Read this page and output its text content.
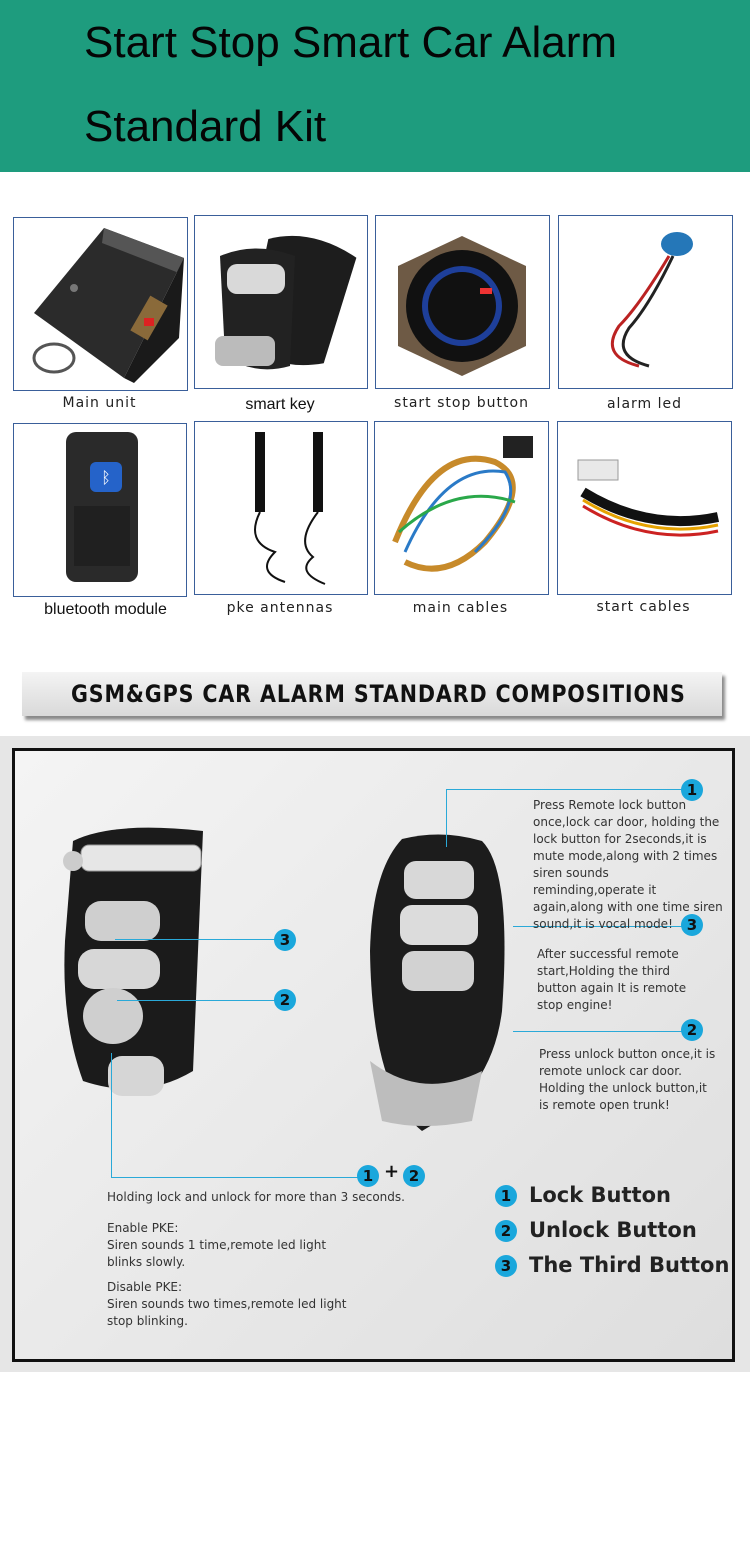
Start Stop Smart Car Alarm
Standard Kit
Main unit	smart key	start stop button	alarm led
ᛒ
bluetooth module	pke antennas	main cables	start cables
GSM&GPS CAR ALARM STANDARD COMPOSITIONS
1
3
2
3
2
1 + 2
Press Remote lock button once,lock car door, holding the lock button for 2seconds,it is mute mode,along with 2 times siren sounds reminding,operate it again,along with one time siren sound,it is vocal mode!
After successful remote start,Holding the third button again It is remote stop engine!
Press unlock button once,it is remote unlock car door. Holding the unlock button,it is remote open trunk!
Holding lock and unlock for more than 3 seconds.
Enable PKE:
Siren sounds 1 time,remote led light blinks slowly.
Disable PKE:
Siren sounds two times,remote led light stop blinking.
1 Lock Button
2 Unlock Button
3 The Third Button
